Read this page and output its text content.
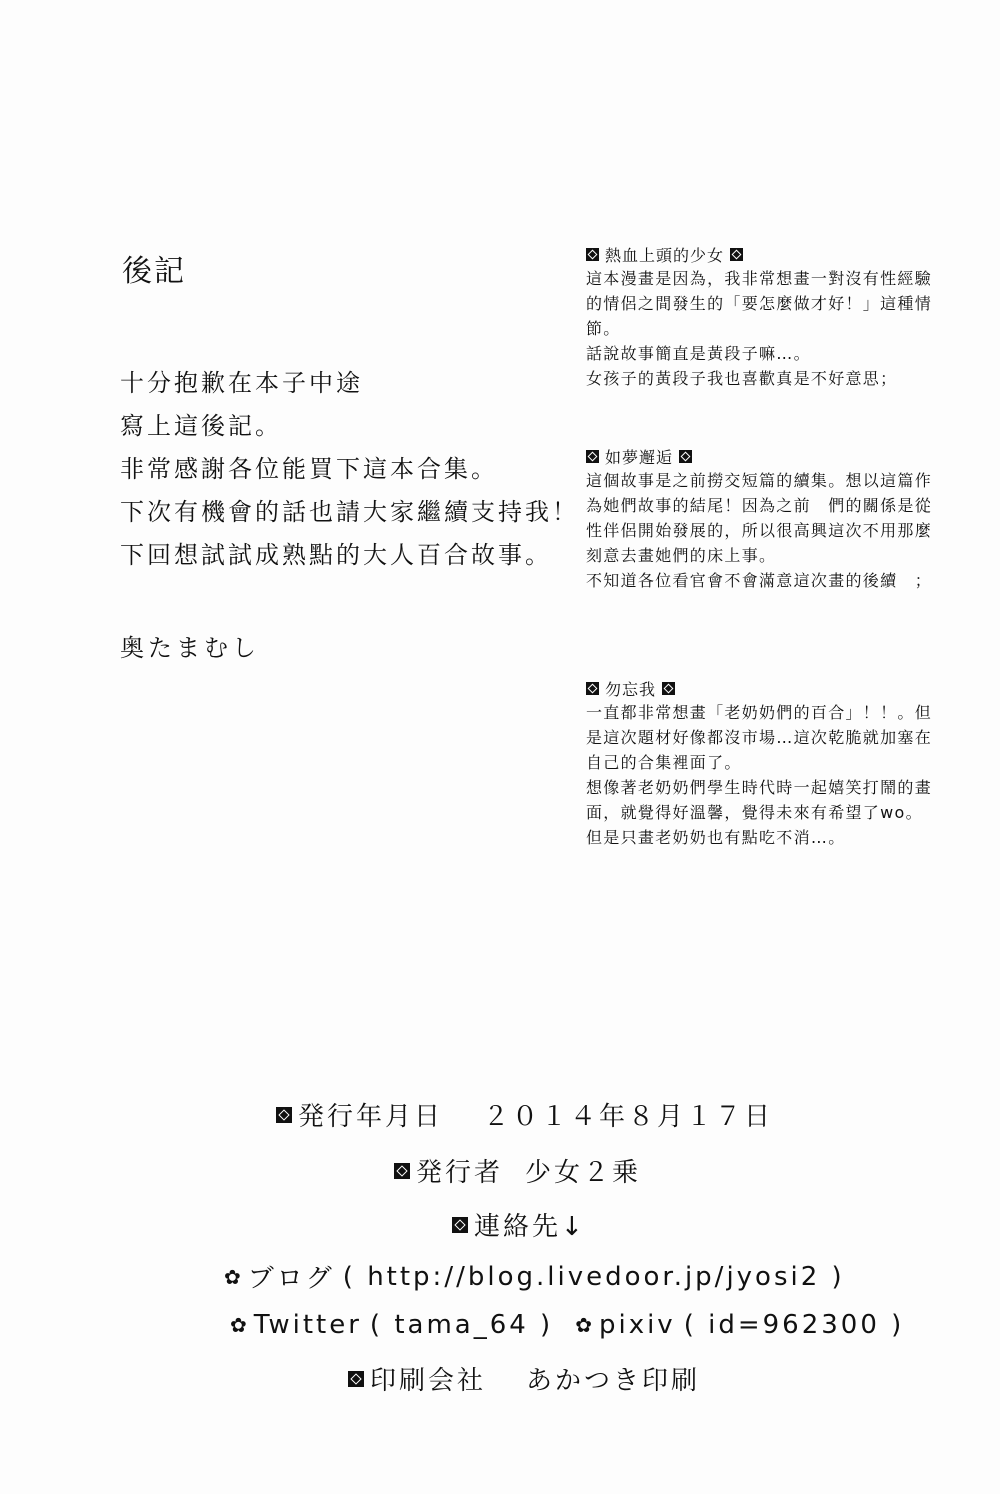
後記
十分抱歉在本子中途
寫上這後記。
非常感謝各位能買下這本合集。
下次有機會的話也請大家繼續支持我！
下回想試試成熟點的大人百合故事。
奥たまむし
熱血上頭的少女
這本漫畫是因為，我非常想畫一對沒有性經驗
的情侶之間發生的「要怎麼做才好！」這種情
節。
話說故事簡直是黃段子嘛…。
女孩子的黃段子我也喜歡真是不好意思；
如夢邂逅
這個故事是之前撈交短篇的續集。想以這篇作
為她們故事的結尾！因為之前　們的關係是從
性伴侶開始發展的，所以很高興這次不用那麼
刻意去畫她們的床上事。
不知道各位看官會不會滿意這次畫的後續　；
勿忘我
一直都非常想畫「老奶奶們的百合」！！。但
是這次題材好像都沒市場…這次乾脆就加塞在
自己的合集裡面了。
想像著老奶奶們學生時代時一起嬉笑打鬧的畫
面，就覺得好溫馨，覺得未來有希望了wo。
但是只畫老奶奶也有點吃不消…。
発行年月日 ２０１４年８月１７日
発行者 少女２乗
連絡先↓
✿ ブログ ( http://blog.livedoor.jp/jyosi2 )
✿ Twitter ( tama_64 ) ✿ pixiv ( id=962300 )
印刷会社 あかつき印刷
